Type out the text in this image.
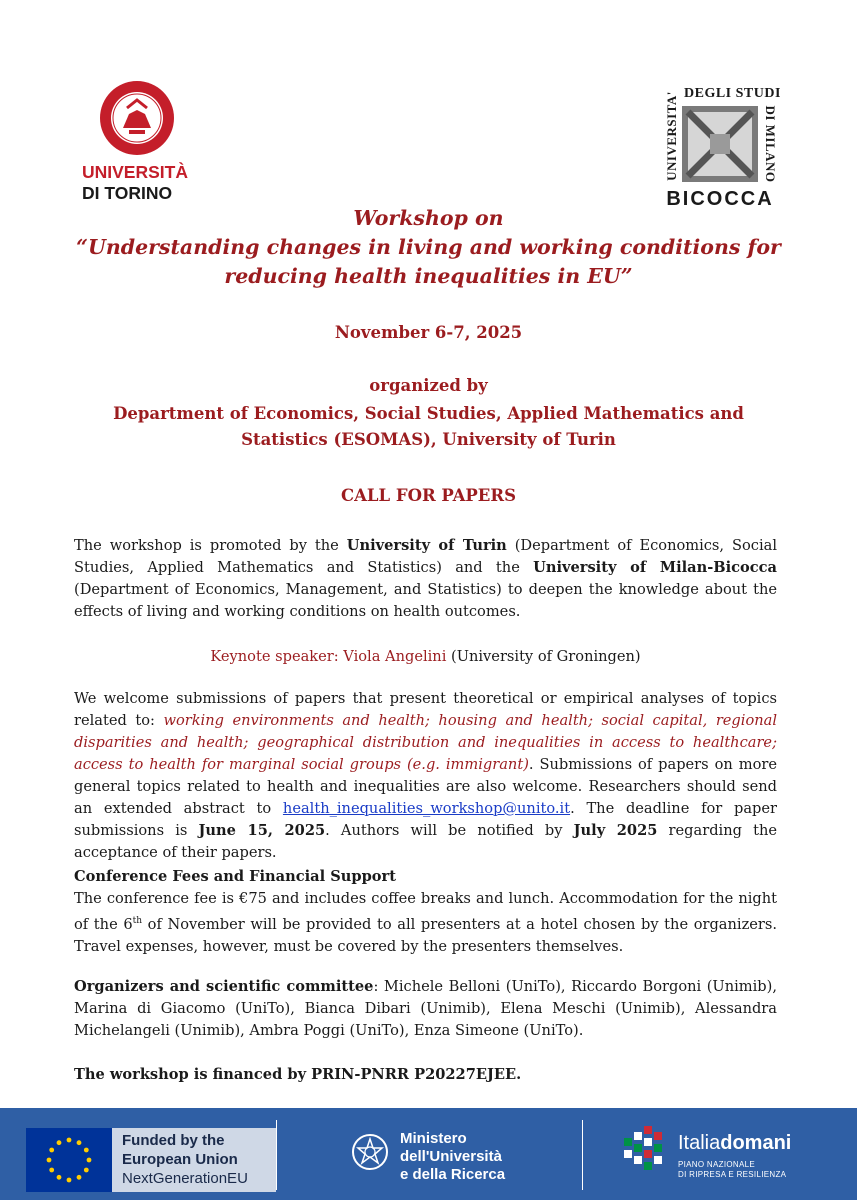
UNIVERSITÀ
DI TORINO
DEGLI STUDI
UNIVERSITA'	DI MILANO
BICOCCA
Workshop on
“Understanding changes in living and working conditions for
reducing health inequalities in EU”
November 6-7, 2025
organized by
Department of Economics, Social Studies, Applied Mathematics and
Statistics (ESOMAS), University of Turin
CALL FOR PAPERS
The workshop is promoted by the University of Turin (Department of Economics, Social Studies, Applied Mathematics and Statistics) and the University of Milan-Bicocca (Department of Economics, Management, and Statistics) to deepen the knowledge about the effects of living and working conditions on health outcomes.
Keynote speaker: Viola Angelini (University of Groningen)
We welcome submissions of papers that present theoretical or empirical analyses of topics related to: working environments and health; housing and health; social capital, regional disparities and health; geographical distribution and inequalities in access to healthcare; access to health for marginal social groups (e.g. immigrant). Submissions of papers on more general topics related to health and inequalities are also welcome. Researchers should send an extended abstract to health_inequalities_workshop@unito.it. The deadline for paper submissions is June 15, 2025. Authors will be notified by July 2025 regarding the acceptance of their papers.
Conference Fees and Financial Support
The conference fee is €75 and includes coffee breaks and lunch. Accommodation for the night of the 6th of November will be provided to all presenters at a hotel chosen by the organizers. Travel expenses, however, must be covered by the presenters themselves.
Organizers and scientific committee: Michele Belloni (UniTo), Riccardo Borgoni (Unimib), Marina di Giacomo (UniTo), Bianca Dibari (Unimib), Elena Meschi (Unimib), Alessandra Michelangeli (Unimib), Ambra Poggi (UniTo), Enza Simeone (UniTo).
The workshop is financed by PRIN-PNRR P20227EJEE.
Funded by the
European Union
NextGenerationEU
Ministero
dell'Università
e della Ricerca
Italiadomani
PIANO NAZIONALE
DI RIPRESA E RESILIENZA
